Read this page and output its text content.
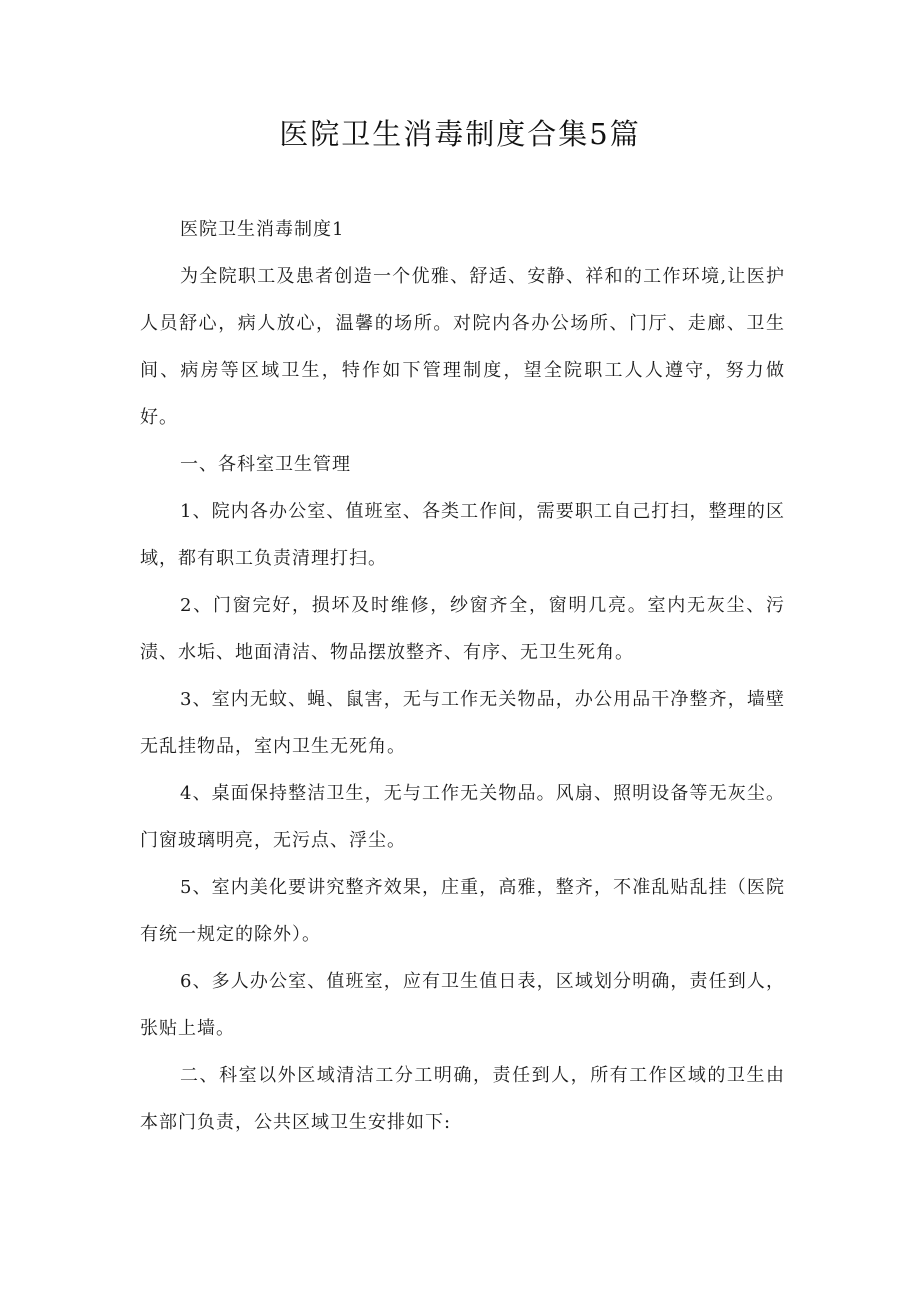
医院卫生消毒制度合集5篇

医院卫生消毒制度1

为全院职工及患者创造一个优雅、舒适、安静、祥和的工作环境,让医护人员舒心，病人放心，温馨的场所。对院内各办公场所、门厅、走廊、卫生间、病房等区域卫生，特作如下管理制度，望全院职工人人遵守，努力做好。

一、各科室卫生管理

1、院内各办公室、值班室、各类工作间，需要职工自己打扫，整理的区域，都有职工负责清理打扫。

2、门窗完好，损坏及时维修，纱窗齐全，窗明几亮。室内无灰尘、污渍、水垢、地面清洁、物品摆放整齐、有序、无卫生死角。

3、室内无蚊、蝇、鼠害，无与工作无关物品，办公用品干净整齐，墙壁无乱挂物品，室内卫生无死角。

4、桌面保持整洁卫生，无与工作无关物品。风扇、照明设备等无灰尘。门窗玻璃明亮，无污点、浮尘。

5、室内美化要讲究整齐效果，庄重，高雅，整齐，不准乱贴乱挂（医院有统一规定的除外）。

6、多人办公室、值班室，应有卫生值日表，区域划分明确，责任到人，张贴上墙。

二、科室以外区域清洁工分工明确，责任到人，所有工作区域的卫生由本部门负责，公共区域卫生安排如下:
